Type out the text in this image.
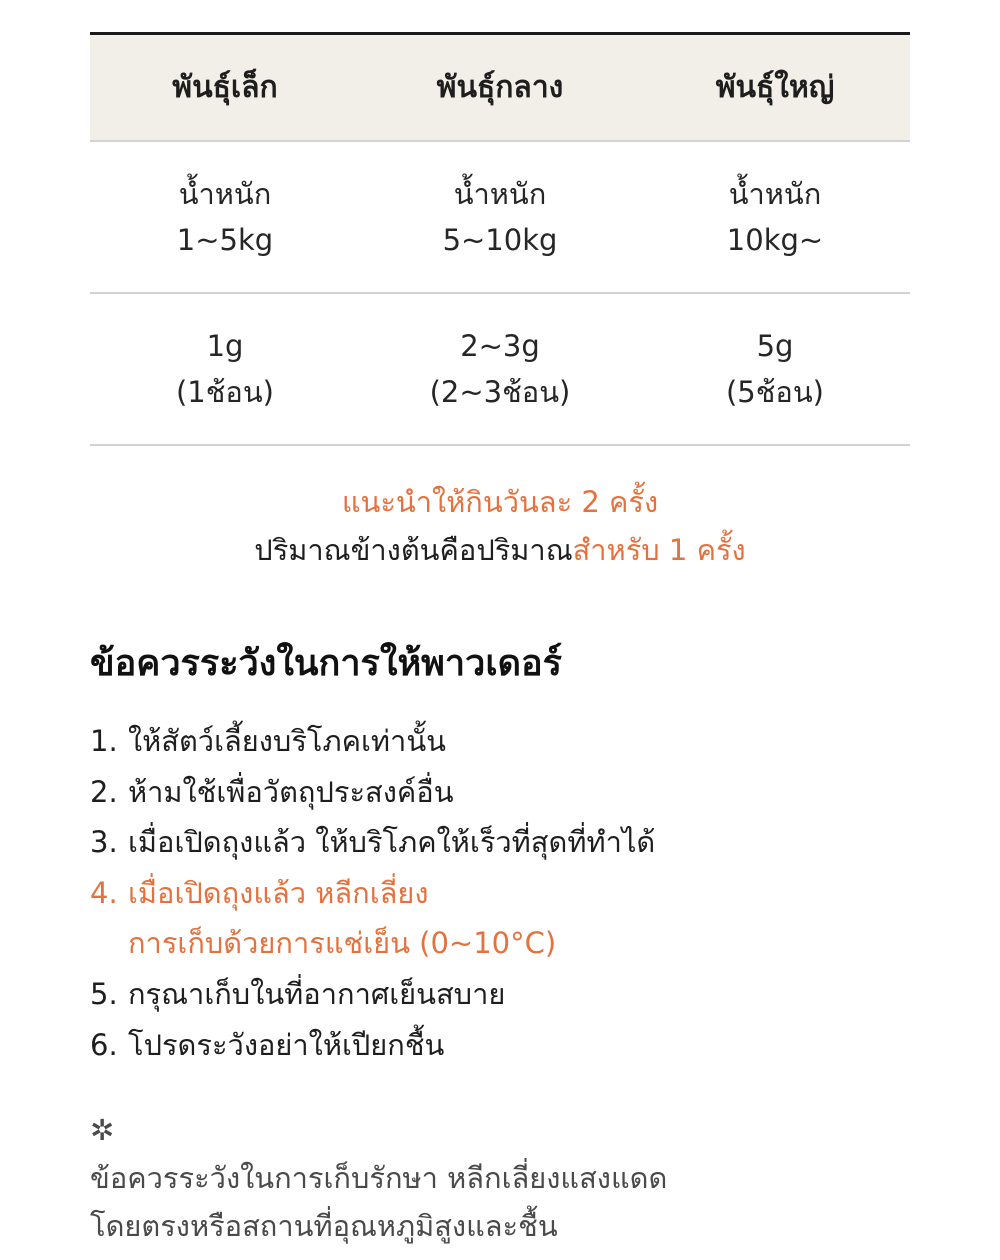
พันธุ์เล็ก	พันธุ์กลาง	พันธุ์ใหญ่
น้ำหนัก
1~5kg
น้ำหนัก
5~10kg
น้ำหนัก
10kg~
1g
(1ช้อน)
2~3g
(2~3ช้อน)
5g
(5ช้อน)
แนะนำให้กินวันละ 2 ครั้ง
ปริมาณข้างต้นคือปริมาณสำหรับ 1 ครั้ง
ข้อควรระวังในการให้พาวเดอร์
1. ให้สัตว์เลี้ยงบริโภคเท่านั้น
2. ห้ามใช้เพื่อวัตถุประสงค์อื่น
3. เมื่อเปิดถุงแล้ว ให้บริโภคให้เร็วที่สุดที่ทำได้
4. เมื่อเปิดถุงแล้ว หลีกเลี่ยง
การเก็บด้วยการแช่เย็น (0~10°C)
5. กรุณาเก็บในที่อากาศเย็นสบาย
6. โปรดระวังอย่าให้เปียกชื้น
✲
ข้อควรระวังในการเก็บรักษา หลีกเลี่ยงแสงแดด
โดยตรงหรือสถานที่อุณหภูมิสูงและชื้น
